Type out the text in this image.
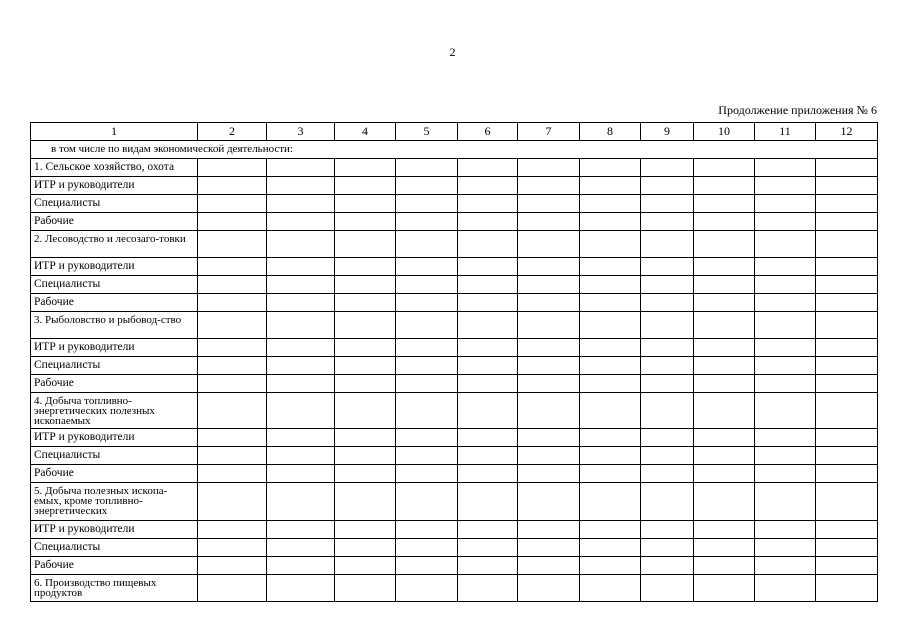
2
Продолжение приложения № 6
1	2	3	4	5	6	7	8	9	10	11	12
в том числе по видам экономической деятельности:											
1. Сельское хозяйство, охота											
ИТР и руководители											
Специалисты											
Рабочие											
2. Лесоводство и лесозаго-товки											
ИТР и руководители											
Специалисты											
Рабочие											
3. Рыболовство и рыбовод-ство											
ИТР и руководители											
Специалисты											
Рабочие											
4. Добыча топливно-энергетических полезных ископаемых											
ИТР и руководители											
Специалисты											
Рабочие											
5. Добыча полезных ископа-емых, кроме топливно-энергетических											
ИТР и руководители											
Специалисты											
Рабочие											
6. Производство пищевых продуктов											
